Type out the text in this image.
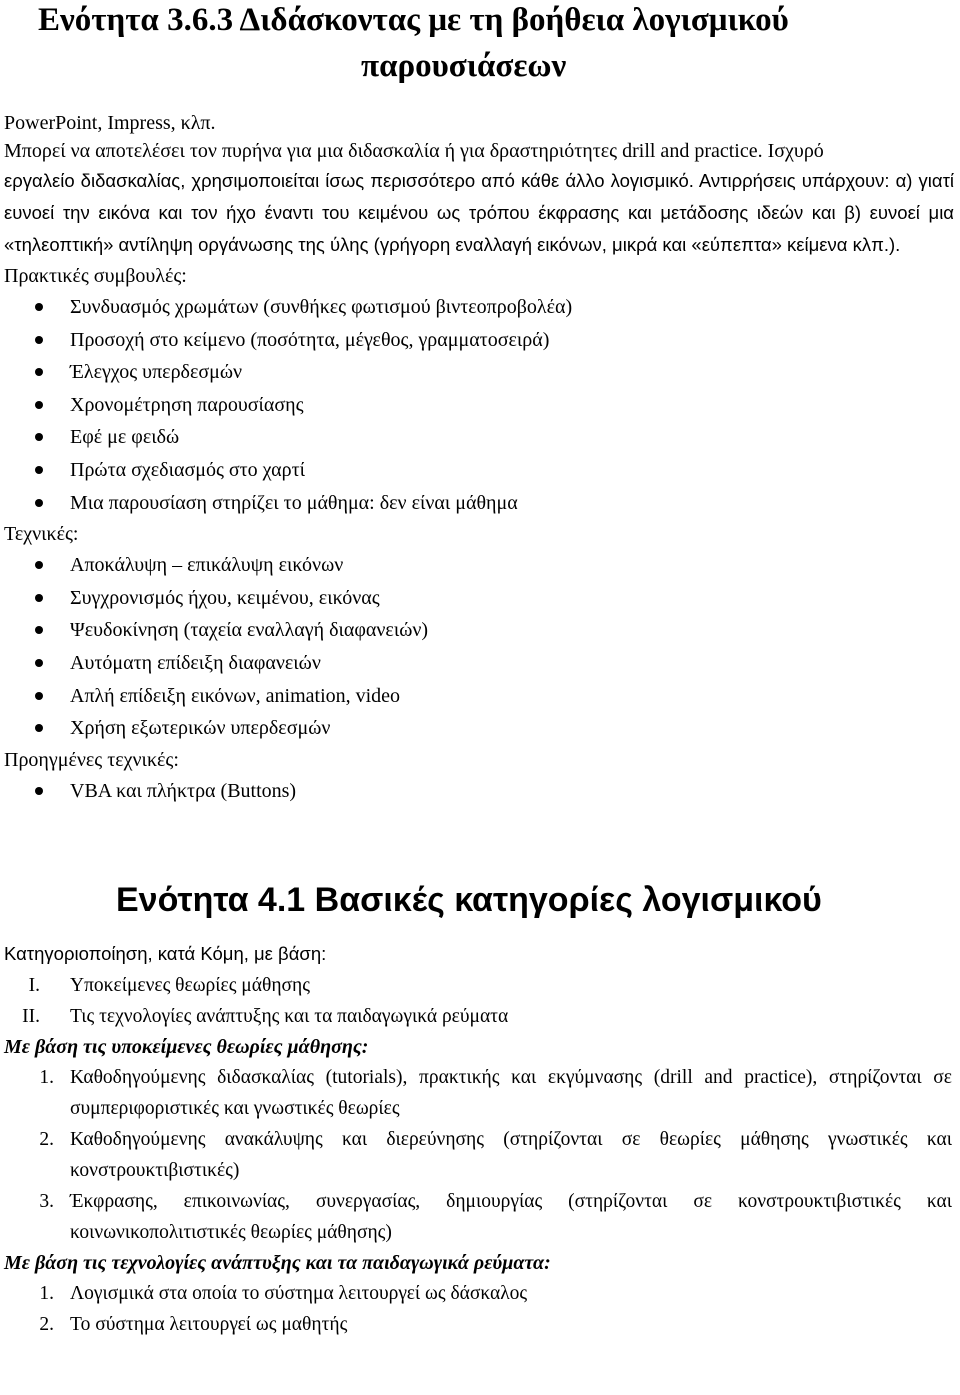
Ενότητα 3.6.3 Διδάσκοντας με τη βοήθεια λογισμικού
παρουσιάσεων

PowerPoint, Impress, κλπ.

Μπορεί να αποτελέσει τον πυρήνα για μια διδασκαλία ή για δραστηριότητες drill and practice. Ισχυρό

εργαλείο διδασκαλίας, χρησιμοποιείται ίσως περισσότερο από κάθε άλλο λογισμικό. Αντιρρήσεις υπάρχουν: α) γιατί ευνοεί την εικόνα και τον ήχο έναντι του κειμένου ως τρόπου έκφρασης και μετάδοσης ιδεών και β) ευνοεί μια «τηλεοπτική» αντίληψη οργάνωσης της ύλης (γρήγορη εναλλαγή εικόνων, μικρά και «εύπεπτα» κείμενα κλπ.).

Πρακτικές συμβουλές:

Συνδυασμός χρωμάτων (συνθήκες φωτισμού βιντεοπροβολέα)
Προσοχή στο κείμενο (ποσότητα, μέγεθος, γραμματοσειρά)
Έλεγχος υπερδεσμών
Χρονομέτρηση παρουσίασης
Εφέ με φειδώ
Πρώτα σχεδιασμός στο χαρτί
Μια παρουσίαση στηρίζει το μάθημα: δεν είναι μάθημα

Τεχνικές:

Αποκάλυψη – επικάλυψη εικόνων
Συγχρονισμός ήχου, κειμένου, εικόνας
Ψευδοκίνηση (ταχεία εναλλαγή διαφανειών)
Αυτόματη επίδειξη διαφανειών
Απλή επίδειξη εικόνων, animation, video
Χρήση εξωτερικών υπερδεσμών

Προηγμένες τεχνικές:

VBA και πλήκτρα (Buttons)
Ενότητα 4.1 Βασικές κατηγορίες λογισμικού

Κατηγοριοποίηση, κατά Κόμη, με βάση:

I. Υποκείμενες θεωρίες μάθησης
II. Τις τεχνολογίες ανάπτυξης και τα παιδαγωγικά ρεύματα

Με βάση τις υποκείμενες θεωρίες μάθησης:

1. Καθοδηγούμενης διδασκαλίας (tutorials), πρακτικής και εκγύμνασης (drill and practice), στηρίζονται σε συμπεριφοριστικές και γνωστικές θεωρίες
2. Καθοδηγούμενης ανακάλυψης και διερεύνησης (στηρίζονται σε θεωρίες μάθησης γνωστικές και κονστρουκτιβιστικές)
3. Έκφρασης, επικοινωνίας, συνεργασίας, δημιουργίας (στηρίζονται σε κονστρουκτιβιστικές και κοινωνικοπολιτιστικές θεωρίες μάθησης)

Με βάση τις τεχνολογίες ανάπτυξης και τα παιδαγωγικά ρεύματα:

1. Λογισμικά στα οποία το σύστημα λειτουργεί ως δάσκαλος
2. Το σύστημα λειτουργεί ως μαθητής
